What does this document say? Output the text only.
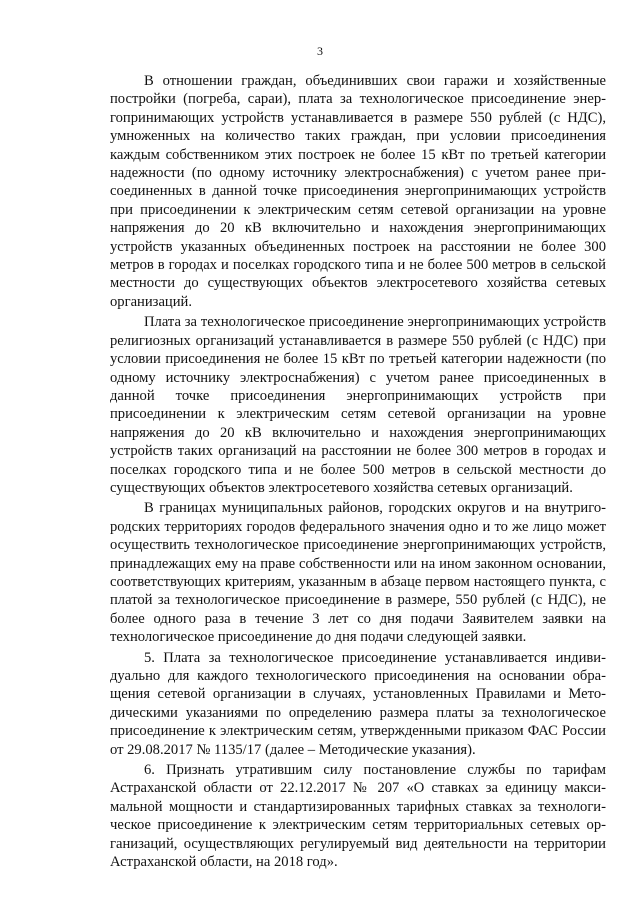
3

В отношении граждан, объединивших свои гаражи и хозяйственные постройки (погреба, сараи), плата за технологическое присоединение энергопринимающих устройств устанавливается в размере 550 рублей (с НДС), умноженных на количество таких граждан, при условии присоединения каждым собственником этих построек не более 15 кВт по третьей категории надежности (по одному источнику электроснабжения) с учетом ранее присоединенных в данной точке присоединения энергопринимающих устройств при присоединении к электрическим сетям сетевой организации на уровне напряжения до 20 кВ включительно и нахождения энергопринимающих устройств указанных объединенных построек на расстоянии не более 300 метров в городах и поселках городского типа и не более 500 метров в сельской местности до существующих объектов электросетевого хозяйства сетевых организаций.

Плата за технологическое присоединение энергопринимающих устройств религиозных организаций устанавливается в размере 550 рублей (с НДС) при условии присоединения не более 15 кВт по третьей категории надежности (по одному источнику электроснабжения) с учетом ранее присоединенных в данной точке присоединения энергопринимающих устройств при присоединении к электрическим сетям сетевой организации на уровне напряжения до 20 кВ включительно и нахождения энергопринимающих устройств таких организаций на расстоянии не более 300 метров в городах и поселках городского типа и не более 500 метров в сельской местности до существующих объектов электросетевого хозяйства сетевых организаций.

В границах муниципальных районов, городских округов и на внутригородских территориях городов федерального значения одно и то же лицо может осуществить технологическое присоединение энергопринимающих устройств, принадлежащих ему на праве собственности или на ином законном основании, соответствующих критериям, указанным в абзаце первом настоящего пункта, с платой за технологическое присоединение в размере, 550 рублей (с НДС), не более одного раза в течение 3 лет со дня подачи Заявителем заявки на технологическое присоединение до дня подачи следующей заявки.

5. Плата за технологическое присоединение устанавливается индивидуально для каждого технологического присоединения на основании обращения сетевой организации в случаях, установленных Правилами и Методическими указаниями по определению размера платы за технологическое присоединение к электрическим сетям, утвержденными приказом ФАС России от 29.08.2017 № 1135/17 (далее – Методические указания).

6. Признать утратившим силу постановление службы по тарифам Астраханской области от 22.12.2017 № 207 «О ставках за единицу максимальной мощности и стандартизированных тарифных ставках за технологическое присоединение к электрическим сетям территориальных сетевых организаций, осуществляющих регулируемый вид деятельности на территории Астраханской области, на 2018 год».
